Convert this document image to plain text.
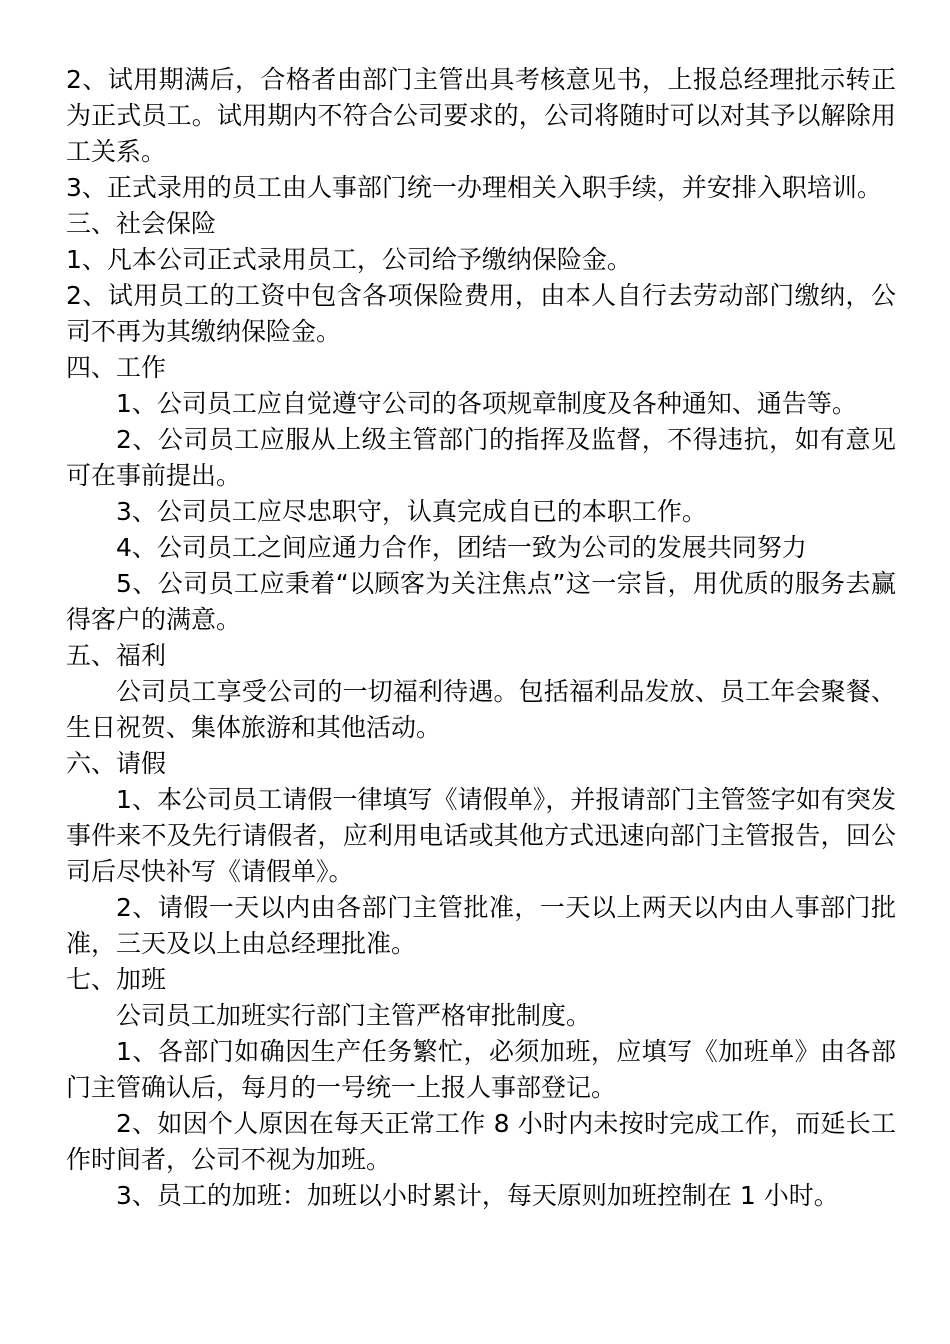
2、试用期满后，合格者由部门主管出具考核意见书，上报总经理批示转正为正式员工。试用期内不符合公司要求的，公司将随时可以对其予以解除用工关系。

3、正式录用的员工由人事部门统一办理相关入职手续，并安排入职培训。

三、社会保险

1、凡本公司正式录用员工，公司给予缴纳保险金。

2、试用员工的工资中包含各项保险费用，由本人自行去劳动部门缴纳，公司不再为其缴纳保险金。

四、工作

1、公司员工应自觉遵守公司的各项规章制度及各种通知、通告等。

2、公司员工应服从上级主管部门的指挥及监督，不得违抗，如有意见可在事前提出。

3、公司员工应尽忠职守，认真完成自已的本职工作。

4、公司员工之间应通力合作，团结一致为公司的发展共同努力

5、公司员工应秉着“以顾客为关注焦点”这一宗旨，用优质的服务去赢得客户的满意。

五、福利

公司员工享受公司的一切福利待遇。包括福利品发放、员工年会聚餐、生日祝贺、集体旅游和其他活动。

六、请假

1、本公司员工请假一律填写《请假单》，并报请部门主管签字如有突发事件来不及先行请假者，应利用电话或其他方式迅速向部门主管报告，回公司后尽快补写《请假单》。

2、请假一天以内由各部门主管批准，一天以上两天以内由人事部门批准，三天及以上由总经理批准。

七、加班

公司员工加班实行部门主管严格审批制度。

1、各部门如确因生产任务繁忙，必须加班，应填写《加班单》由各部门主管确认后，每月的一号统一上报人事部登记。

2、如因个人原因在每天正常工作 8 小时内未按时完成工作，而延长工作时间者，公司不视为加班。

3、员工的加班：加班以小时累计，每天原则加班控制在 1 小时。
